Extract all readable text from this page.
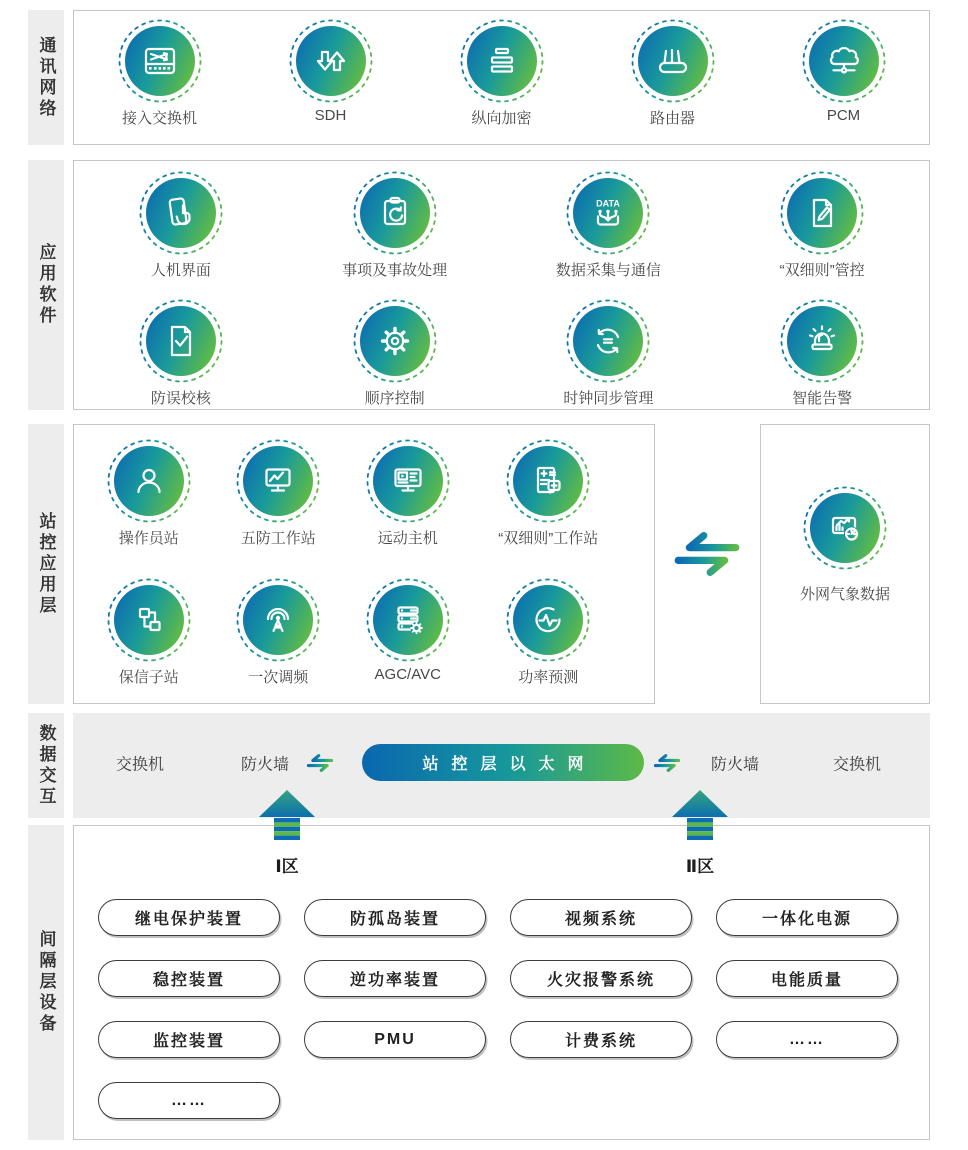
通讯网络	接入交换机	SDH	纵向加密	路由器	PCM
应用软件	人机界面	事项及事故处理
DATA
数据采集与通信	“双细则”管控
防误校核	顺序控制	时钟同步管理	智能告警
站控应用层	操作员站	五防工作站	远动主机	“双细则”工作站
保信子站	一次调频	AGC/AVC	功率预测
外网气象数据
数据交互	交换机	防火墙	站控层以太网	防火墙	交换机
Ⅰ区	Ⅱ区
间隔层设备
继电保护装置	防孤岛装置	视频系统	一体化电源
稳控装置	逆功率装置	火灾报警系统	电能质量
监控装置	PMU	计费系统	……
……
